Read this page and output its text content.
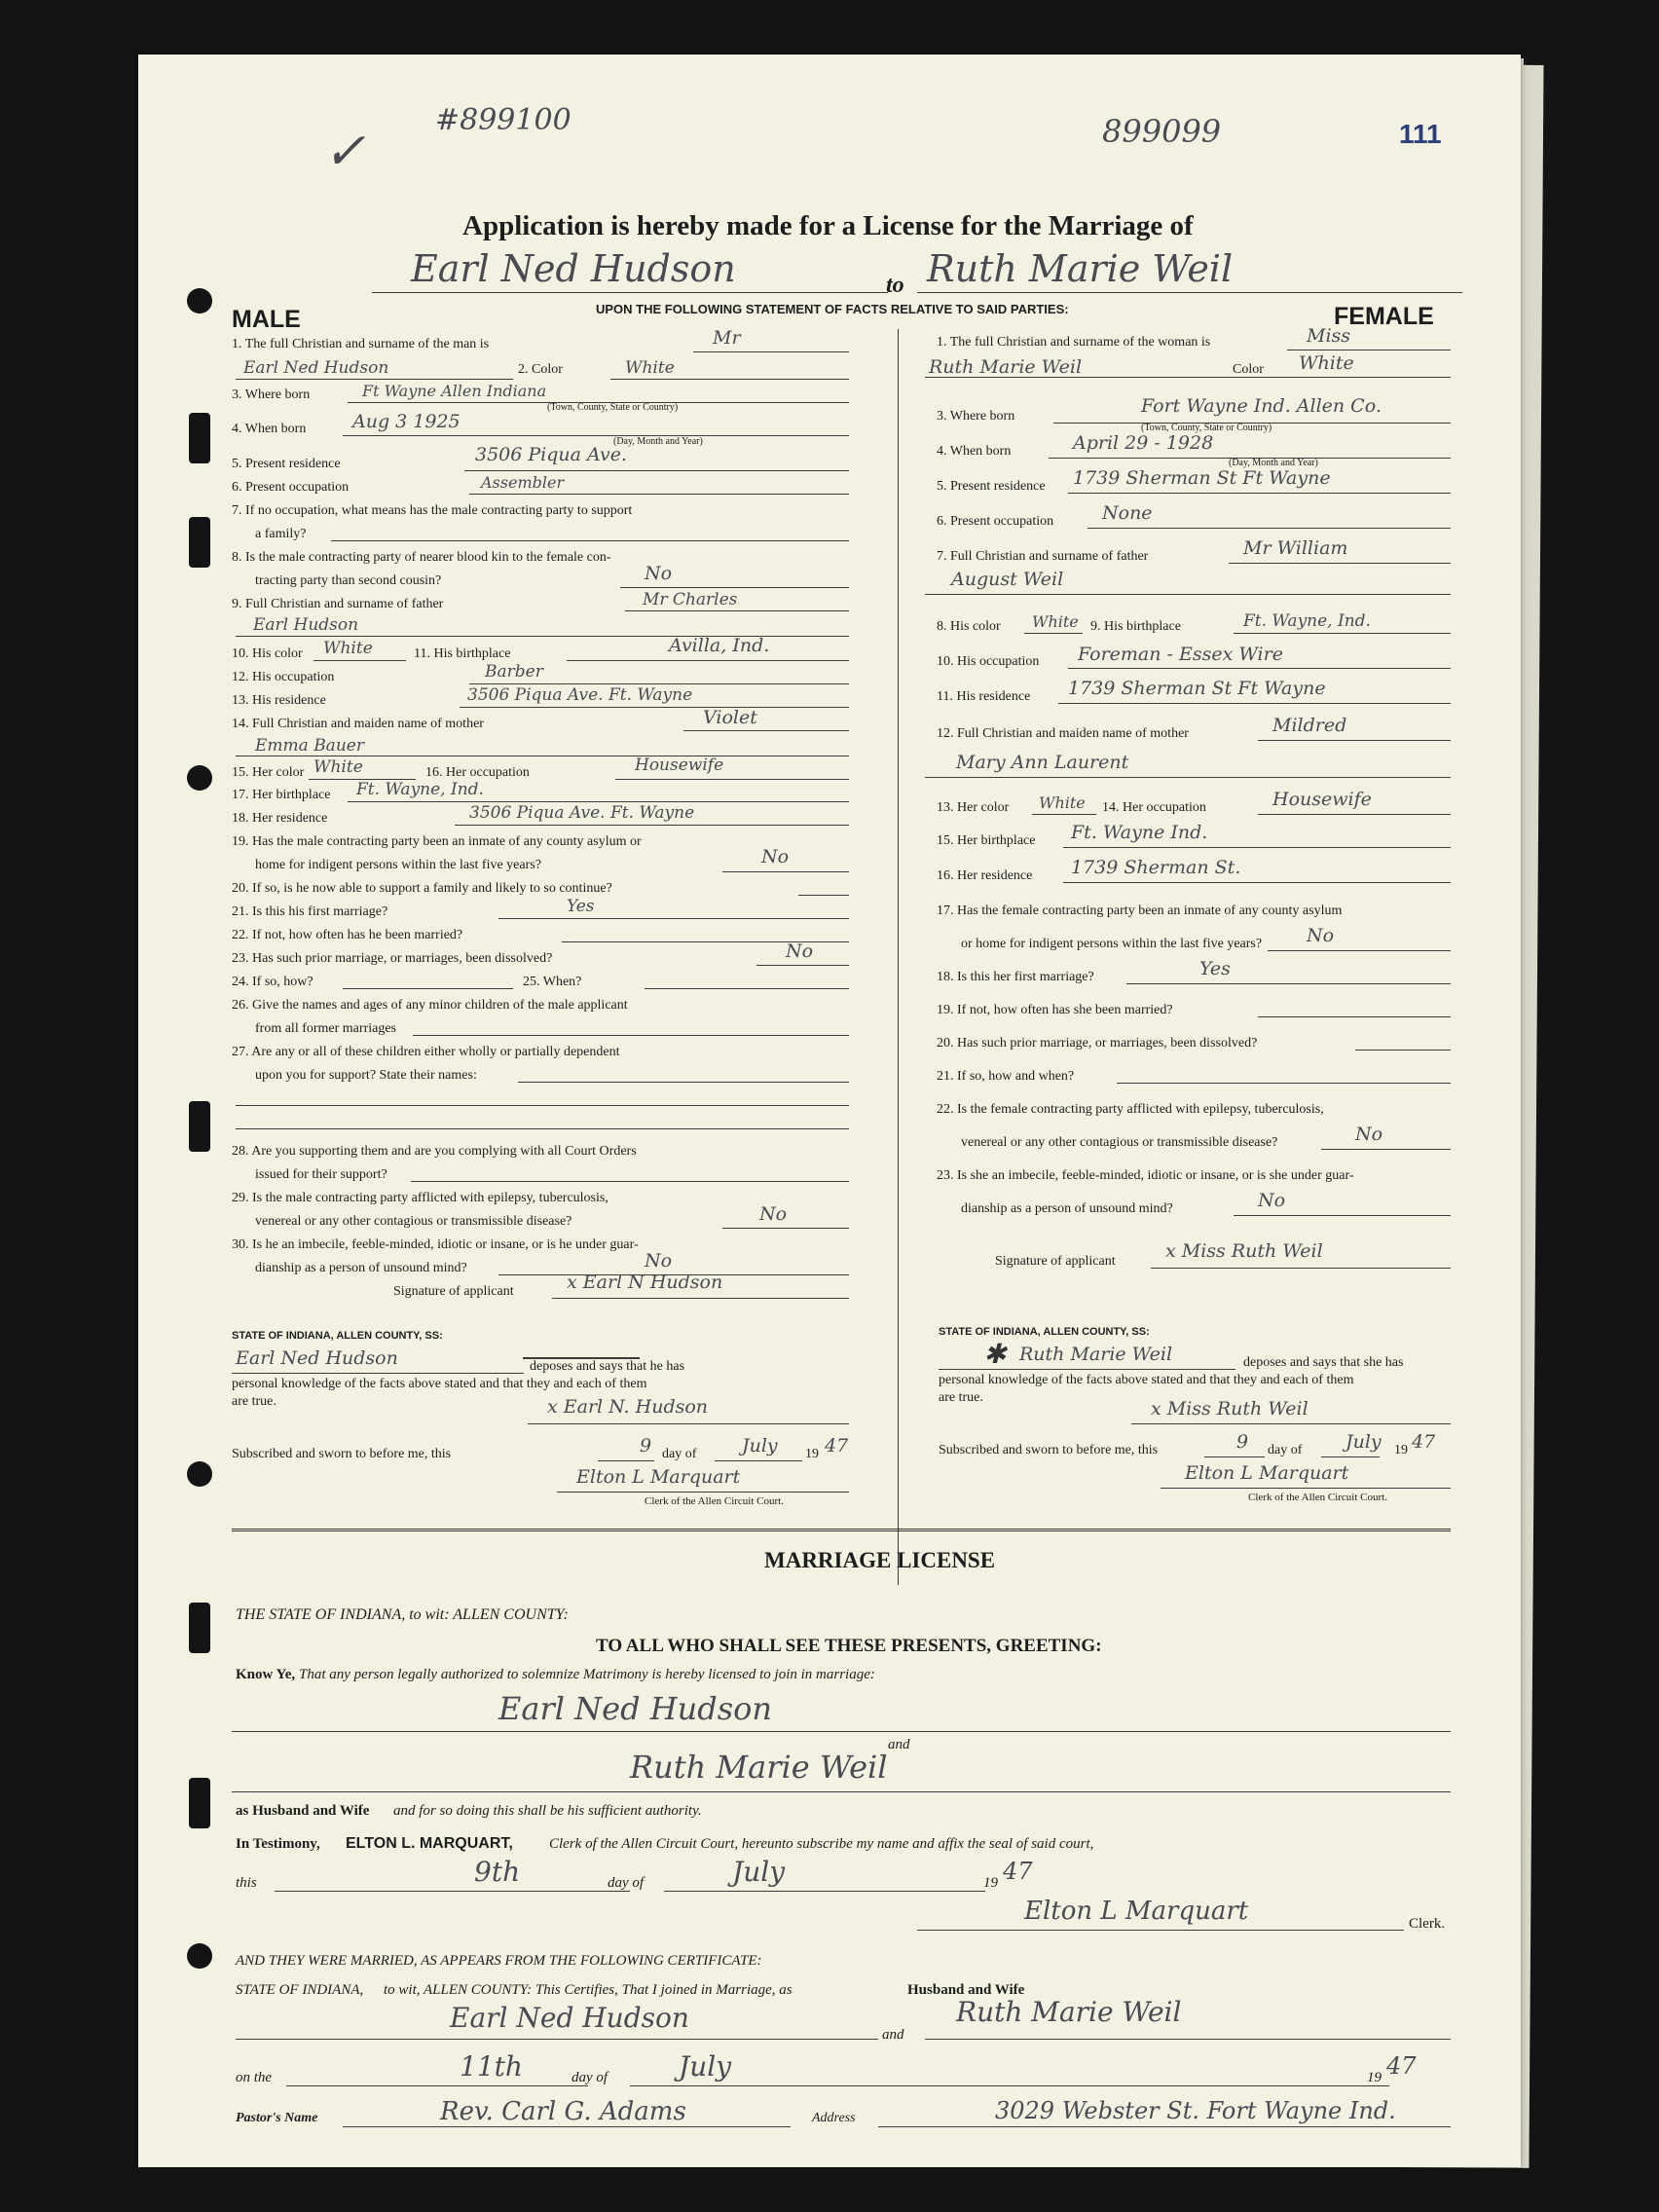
✓
#899100	899099	111
Application is hereby made for a License for the Marriage of
Earl Ned Hudson	to Ruth Marie Weil
MALE	FEMALE
UPON THE FOLLOWING STATEMENT OF FACTS RELATIVE TO SAID PARTIES:
1. The full Christian and surname of the man is	Mr
Earl Ned Hudson	2. Color	White
3. Where born	Ft Wayne Allen Indiana
(Town, County, State or Country)
4. When born	Aug 3 1925
(Day, Month and Year)
5. Present residence	3506 Piqua Ave.
6. Present occupation	Assembler
7. If no occupation, what means has the male contracting party to support
a family?
8. Is the male contracting party of nearer blood kin to the female con-
tracting party than second cousin?	No
9. Full Christian and surname of father	Mr Charles
Earl Hudson
10. His color White	11. His birthplace	Avilla, Ind.
12. His occupation	Barber
13. His residence	3506 Piqua Ave. Ft. Wayne
14. Full Christian and maiden name of mother	Violet
Emma Bauer
15. Her color White	16. Her occupation	Housewife
17. Her birthplace Ft. Wayne, Ind.
18. Her residence	3506 Piqua Ave. Ft. Wayne
19. Has the male contracting party been an inmate of any county asylum or
home for indigent persons within the last five years?	No
20. If so, is he now able to support a family and likely to so continue?
21. Is this his first marriage?	Yes
22. If not, how often has he been married?
23. Has such prior marriage, or marriages, been dissolved?	No
24. If so, how?	25. When?
26. Give the names and ages of any minor children of the male applicant
from all former marriages
27. Are any or all of these children either wholly or partially dependent
upon you for support? State their names:
28. Are you supporting them and are you complying with all Court Orders
issued for their support?
29. Is the male contracting party afflicted with epilepsy, tuberculosis,
venereal or any other contagious or transmissible disease?	No
30. Is he an imbecile, feeble-minded, idiotic or insane, or is he under guar-
dianship as a person of unsound mind?	No
Signature of applicant	x Earl N Hudson
1. The full Christian and surname of the woman is	Miss
Ruth Marie Weil	Color White
3. Where born	Fort Wayne Ind. Allen Co.
(Town, County, State or Country)
4. When born	April 29 - 1928
(Day, Month and Year)
5. Present residence 1739 Sherman St Ft Wayne
6. Present occupation	None
7. Full Christian and surname of father	Mr William
August Weil
8. His color White 9. His birthplace	Ft. Wayne, Ind.
10. His occupation Foreman - Essex Wire
11. His residence 1739 Sherman St Ft Wayne
12. Full Christian and maiden name of mother	Mildred
Mary Ann Laurent
13. Her color White 14. Her occupation	Housewife
15. Her birthplace Ft. Wayne Ind.
16. Her residence 1739 Sherman St.
17. Has the female contracting party been an inmate of any county asylum
or home for indigent persons within the last five years? No
18. Is this her first marriage?	Yes
19. If not, how often has she been married?
20. Has such prior marriage, or marriages, been dissolved?
21. If so, how and when?
22. Is the female contracting party afflicted with epilepsy, tuberculosis,
venereal or any other contagious or transmissible disease?	No
23. Is she an imbecile, feeble-minded, idiotic or insane, or is she under guar-
dianship as a person of unsound mind?	No
Signature of applicant	x Miss Ruth Weil
STATE OF INDIANA, ALLEN COUNTY, SS:
Earl Ned Hudson	deposes and says that he has
personal knowledge of the facts above stated and that they and each of them
are true.	x Earl N. Hudson
Subscribed and sworn to before me, this	9 day of July 19 47
Elton L Marquart
Clerk of the Allen Circuit Court.
STATE OF INDIANA, ALLEN COUNTY, SS:
✱ Ruth Marie Weil	deposes and says that she has
personal knowledge of the facts above stated and that they and each of them
are true.
x Miss Ruth Weil
Subscribed and sworn to before me, this	9 day of July 19 47
Elton L Marquart
Clerk of the Allen Circuit Court.
MARRIAGE LICENSE
THE STATE OF INDIANA, to wit: ALLEN COUNTY:
TO ALL WHO SHALL SEE THESE PRESENTS, GREETING:
Know Ye, That any person legally authorized to solemnize Matrimony is hereby licensed to join in marriage:
Earl Ned Hudson
and
Ruth Marie Weil
as Husband and Wife and for so doing this shall be his sufficient authority.
In Testimony, ELTON L. MARQUART, Clerk of the Allen Circuit Court, hereunto subscribe my name and affix the seal of said court,
this	9th	day of	July	19 47
Elton L Marquart	Clerk.
AND THEY WERE MARRIED, AS APPEARS FROM THE FOLLOWING CERTIFICATE:
STATE OF INDIANA, to wit, ALLEN COUNTY: This Certifies, That I joined in Marriage, as	Husband and Wife
Earl Ned Hudson
and
Ruth Marie Weil
on the	11th	day of	July	19 47
Pastor's Name	Rev. Carl G. Adams	Address	3029 Webster St. Fort Wayne Ind.
